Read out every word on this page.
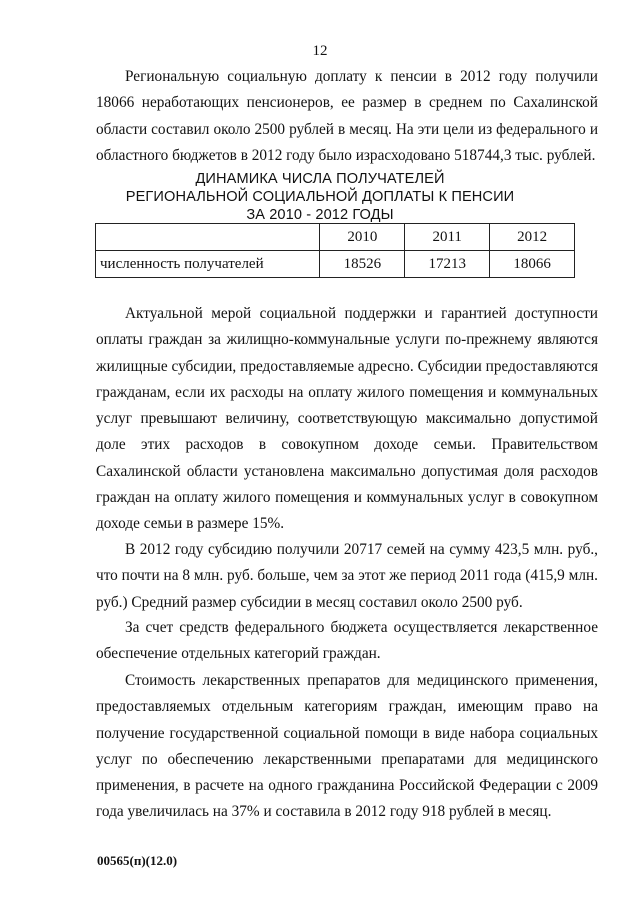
12

Региональную социальную доплату к пенсии в 2012 году получили 18066 неработающих пенсионеров, ее размер в среднем по Сахалинской области составил около 2500 рублей в месяц. На эти цели из федерального и областного бюджетов в 2012 году было израсходовано 518744,3 тыс. рублей.

ДИНАМИКА ЧИСЛА ПОЛУЧАТЕЛЕЙ
РЕГИОНАЛЬНОЙ СОЦИАЛЬНОЙ ДОПЛАТЫ К ПЕНСИИ
ЗА 2010 - 2012 ГОДЫ
	2010	2011	2012
численность получателей	18526	17213	18066

Актуальной мерой социальной поддержки и гарантией доступности оплаты граждан за жилищно-коммунальные услуги по-прежнему являются жилищные субсидии, предоставляемые адресно. Субсидии предоставляются гражданам, если их расходы на оплату жилого помещения и коммунальных услуг превышают величину, соответствующую максимально допустимой доле этих расходов в совокупном доходе семьи. Правительством Сахалинской области установлена максимально допустимая доля расходов граждан на оплату жилого помещения и коммунальных услуг в совокупном доходе семьи в размере 15%.

В 2012 году субсидию получили 20717 семей на сумму 423,5 млн. руб., что почти на 8 млн. руб. больше, чем за этот же период 2011 года (415,9 млн. руб.) Средний размер субсидии в месяц составил около 2500 руб.

За счет средств федерального бюджета осуществляется лекарственное обеспечение отдельных категорий граждан.

Стоимость лекарственных препаратов для медицинского применения, предоставляемых отдельным категориям граждан, имеющим право на получение государственной социальной помощи в виде набора социальных услуг по обеспечению лекарственными препаратами для медицинского применения, в расчете на одного гражданина Российской Федерации с 2009 года увеличилась на 37% и составила в 2012 году 918 рублей в месяц.

00565(п)(12.0)
